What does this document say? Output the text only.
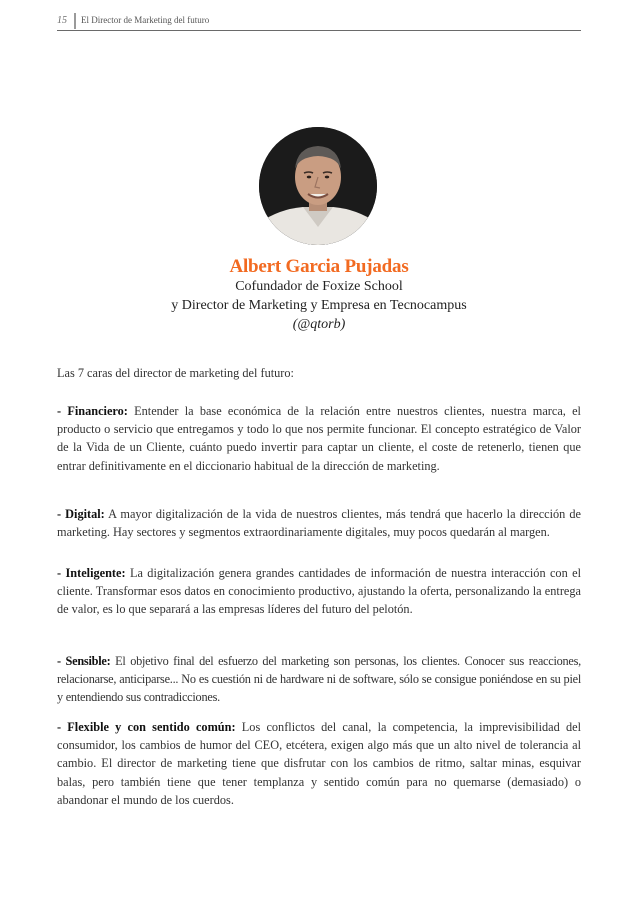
15 El Director de Marketing del futuro
Albert Garcia Pujadas
Cofundador de Foxize School
y Director de Marketing y Empresa en Tecnocampus
(@qtorb)
Las 7 caras del director de marketing del futuro:
- Financiero: Entender la base económica de la relación entre nuestros clientes, nuestra marca, el producto o servicio que entregamos y todo lo que nos permite funcionar. El concepto estratégico de Valor de la Vida de un Cliente, cuánto puedo invertir para captar un cliente, el coste de retenerlo, tienen que entrar definitivamente en el diccionario habitual de la dirección de marketing.
- Digital: A mayor digitalización de la vida de nuestros clientes, más tendrá que hacerlo la dirección de marketing. Hay sectores y segmentos extraordinariamente digitales, muy pocos quedarán al margen.
- Inteligente: La digitalización genera grandes cantidades de información de nuestra interacción con el cliente. Transformar esos datos en conocimiento productivo, ajustando la oferta, personalizando la entrega de valor, es lo que separará a las empresas líderes del futuro del pelotón.
- Sensible: El objetivo final del esfuerzo del marketing son personas, los clientes. Conocer sus reacciones, relacionarse, anticiparse... No es cuestión ni de hardware ni de software, sólo se consigue poniéndose en su piel y entendiendo sus contradicciones.
- Flexible y con sentido común: Los conflictos del canal, la competencia, la imprevisibilidad del consumidor, los cambios de humor del CEO, etcétera, exigen algo más que un alto nivel de tolerancia al cambio. El director de marketing tiene que disfrutar con los cambios de ritmo, saltar minas, esquivar balas, pero también tiene que tener templanza y sentido común para no quemarse (demasiado) o abandonar el mundo de los cuerdos.
